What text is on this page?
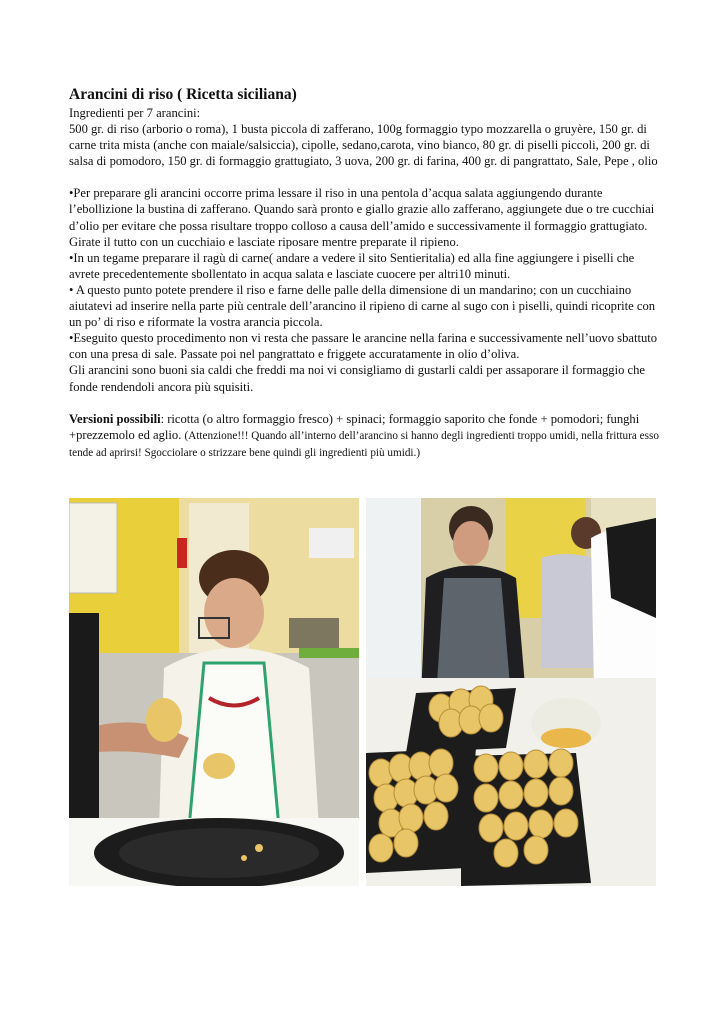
Arancini di riso ( Ricetta siciliana)

Ingredienti per 7 arancini:

500 gr. di riso (arborio o roma), 1 busta piccola di zafferano, 100g formaggio typo mozzarella o gruyère, 150 gr. di carne trita mista (anche con maiale/salsiccia), cipolle, sedano,carota, vino bianco, 80 gr. di piselli piccoli, 200 gr. di salsa di pomodoro, 150 gr. di formaggio grattugiato, 3 uova, 200 gr. di farina, 400 gr. di pangrattato, Sale, Pepe , olio

•Per preparare gli arancini occorre prima lessare il riso in una pentola d’acqua salata aggiungendo durante l’ebollizione la bustina di zafferano. Quando sarà pronto e giallo grazie allo zafferano, aggiungete due o tre cucchiai d’olio per evitare che possa risultare troppo colloso a causa dell’amido e successivamente il formaggio grattugiato. Girate il tutto con un cucchiaio e lasciate riposare mentre preparate il ripieno.

•In un tegame preparare il ragù di carne( andare a vedere il sito Sentieritalia) ed alla fine aggiungere i piselli che avrete precedentemente sbollentato in acqua salata e lasciate cuocere per altri10 minuti.

• A questo punto potete prendere il riso e farne delle palle della dimensione di un mandarino; con un cucchiaino aiutatevi ad inserire nella parte più centrale dell’arancino il ripieno di carne al sugo con i piselli, quindi ricoprite con un po’ di riso e riformate la vostra arancia piccola.

•Eseguito questo procedimento non vi resta che passare le arancine nella farina e successivamente nell’uovo sbattuto con una presa di sale. Passate poi nel pangrattato e friggete accuratamente in olio d’oliva.

Gli arancini sono buoni sia caldi che freddi ma noi vi consigliamo di gustarli caldi per assaporare il formaggio che fonde rendendoli ancora più squisiti.

Versioni possibili: ricotta (o altro formaggio fresco) + spinaci; formaggio saporito che fonde + pomodori; funghi +prezzemolo ed aglio. (Attenzione!!! Quando all’interno dell’arancino si hanno degli ingredienti troppo umidi, nella frittura esso tende ad aprirsi! Sgocciolare o strizzare bene quindi gli ingredienti più umidi.)
